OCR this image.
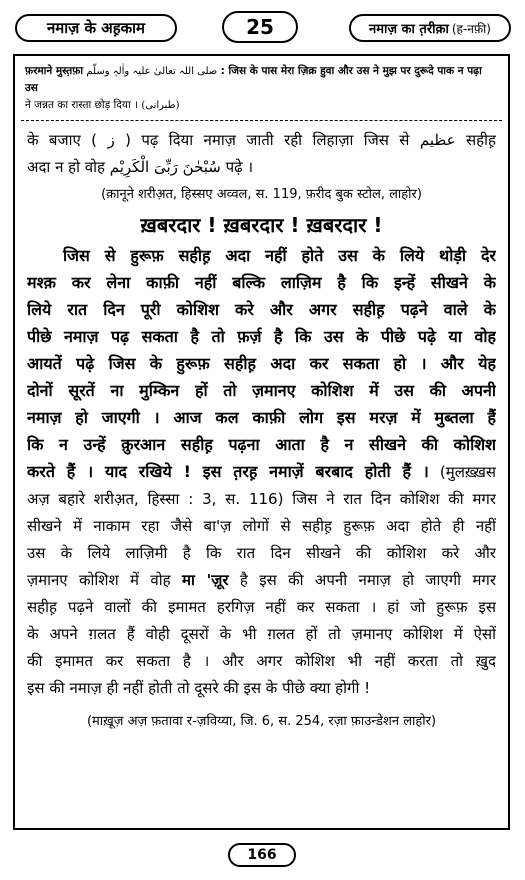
नमाज़ के अह़काम	25	नमाज़ का त़रीक़ा (ह-नफ़ी)
फ़रमाने मुस्त़फ़ा صلی اللہ تعالیٰ علیہ واٰلہٖ وسلّم : जिस के पास मेरा ज़िक्र हुवा और उस ने मुझ पर दुरूदे पाक न पढ़ा उस
ने जन्नत का रास्ता छोड़ दिया । (طبرانی)
के बजाए ( ز ) पढ़ दिया नमाज़ जाती रही लिहाज़ा जिस से عظیم सहीह़
अदा न हो वोह سُبْحٰنَ رَبِّیَ الْکَرِیْم पढ़े ।
(क़ानूने शरीअ़त, हिस्सए अव्वल, स. 119, फ़रीद बुक स्टोल, लाहोर)
ख़बरदार ! ख़बरदार ! ख़बरदार !
जिस से हुरूफ़ सहीह़ अदा नहीं होते उस के लिये थोड़ी देर
मश्क़ कर लेना काफ़ी नहीं बल्कि लाज़िम है कि इन्हें सीखने के
लिये रात दिन पूरी कोशिश करे और अगर सहीह़ पढ़ने वाले के
पीछे नमाज़ पढ़ सकता है तो फ़र्ज़ है कि उस के पीछे पढ़े या वोह
आयतें पढ़े जिस के हुरूफ़ सहीह़ अदा कर सकता हो । और येह
दोनों सूरतें ना मुम्किन हों तो ज़मानए कोशिश में उस की अपनी
नमाज़ हो जाएगी । आज कल काफ़ी लोग इस मरज़ में मुब्तला हैं
कि न उन्हें क़ुरआन सहीह़ पढ़ना आता है न सीखने की कोशिश
करते हैं । याद रखिये ! इस त़रह़ नमाज़ें बरबाद होती हैं । (मुलख़्ख़स
अज़ बहारे शरीअ़त, हिस्सा : 3, स. 116) जिस ने रात दिन कोशिश की मगर
सीखने में नाकाम रहा जैसे बा'ज़ लोगों से सहीह़ हुरूफ़ अदा होते ही नहीं
उस के लिये लाज़िमी है कि रात दिन सीखने की कोशिश करे और
ज़मानए कोशिश में वोह मा 'ज़ूर है इस की अपनी नमाज़ हो जाएगी मगर
सहीह़ पढ़ने वालों की इमामत हरगिज़ नहीं कर सकता । हां जो हुरूफ़ इस
के अपने ग़लत हैं वोही दूसरों के भी ग़लत हों तो ज़मानए कोशिश में ऐसों
की इमामत कर सकता है । और अगर कोशिश भी नहीं करता तो ख़ुद
इस की नमाज़ ही नहीं होती तो दूसरे की इस के पीछे क्या होगी !
(माख़ूज़ अज़ फ़तावा र-ज़विय्या, जि. 6, स. 254, रज़ा फ़ाउन्डेशन लाहोर)
166
